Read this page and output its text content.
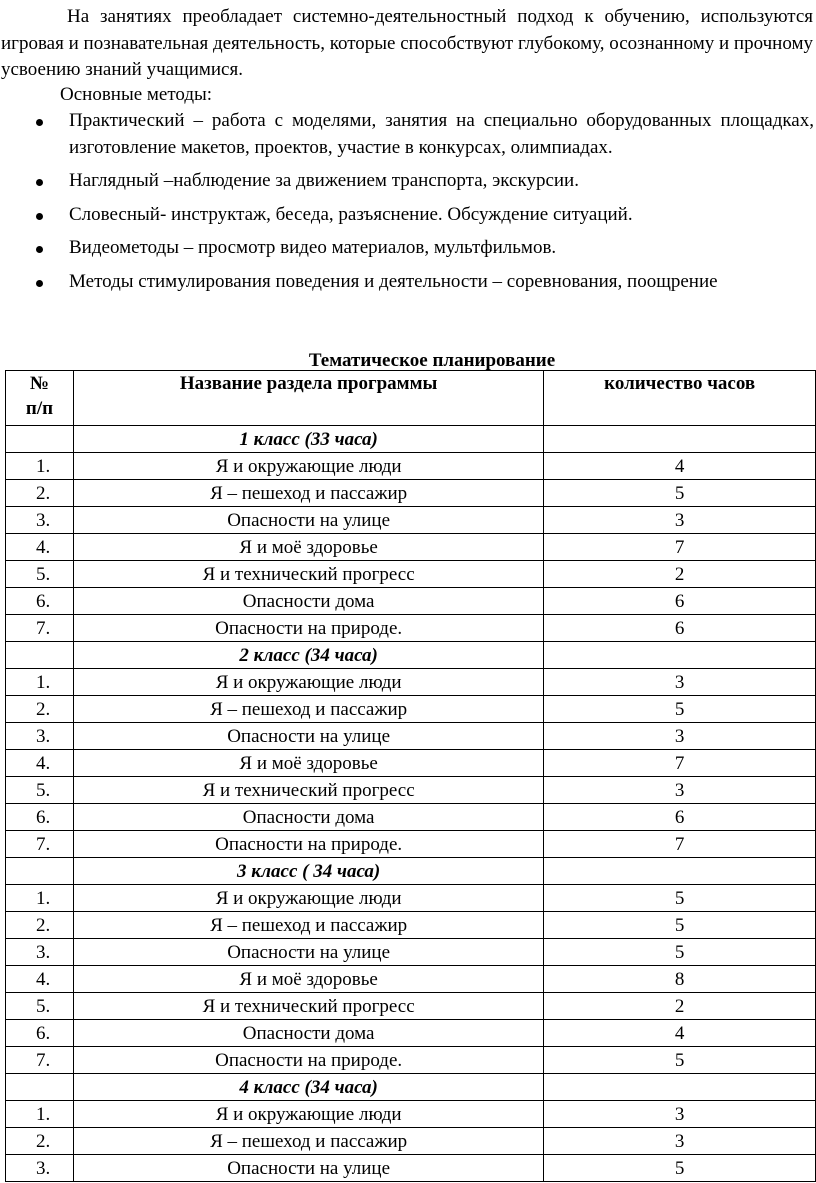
На занятиях преобладает системно-деятельностный подход к обучению, используются игровая и познавательная деятельность, которые способствуют глубокому, осознанному и прочному усвоению знаний учащимися.

Основные методы:

Практический – работа с моделями, занятия на специально оборудованных площадках, изготовление макетов, проектов, участие в конкурсах, олимпиадах.
Наглядный –наблюдение за движением транспорта, экскурсии.
Словесный- инструктаж, беседа, разъяснение. Обсуждение ситуаций.
Видеометоды – просмотр видео материалов, мультфильмов.
Методы стимулирования поведения и деятельности – соревнования, поощрение

Тематическое планирование

№
п/п	Название раздела программы	количество часов
	1 класс (33 часа)	
1.	Я и окружающие люди	4
2.	Я – пешеход и пассажир	5
3.	Опасности на улице	3
4.	Я и моё здоровье	7
5.	Я и технический прогресс	2
6.	Опасности дома	6
7.	Опасности на природе.	6
	2 класс (34 часа)	
1.	Я и окружающие люди	3
2.	Я – пешеход и пассажир	5
3.	Опасности на улице	3
4.	Я и моё здоровье	7
5.	Я и технический прогресс	3
6.	Опасности дома	6
7.	Опасности на природе.	7
	3 класс ( 34 часа)	
1.	Я и окружающие люди	5
2.	Я – пешеход и пассажир	5
3.	Опасности на улице	5
4.	Я и моё здоровье	8
5.	Я и технический прогресс	2
6.	Опасности дома	4
7.	Опасности на природе.	5
	4 класс (34 часа)	
1.	Я и окружающие люди	3
2.	Я – пешеход и пассажир	3
3.	Опасности на улице	5
